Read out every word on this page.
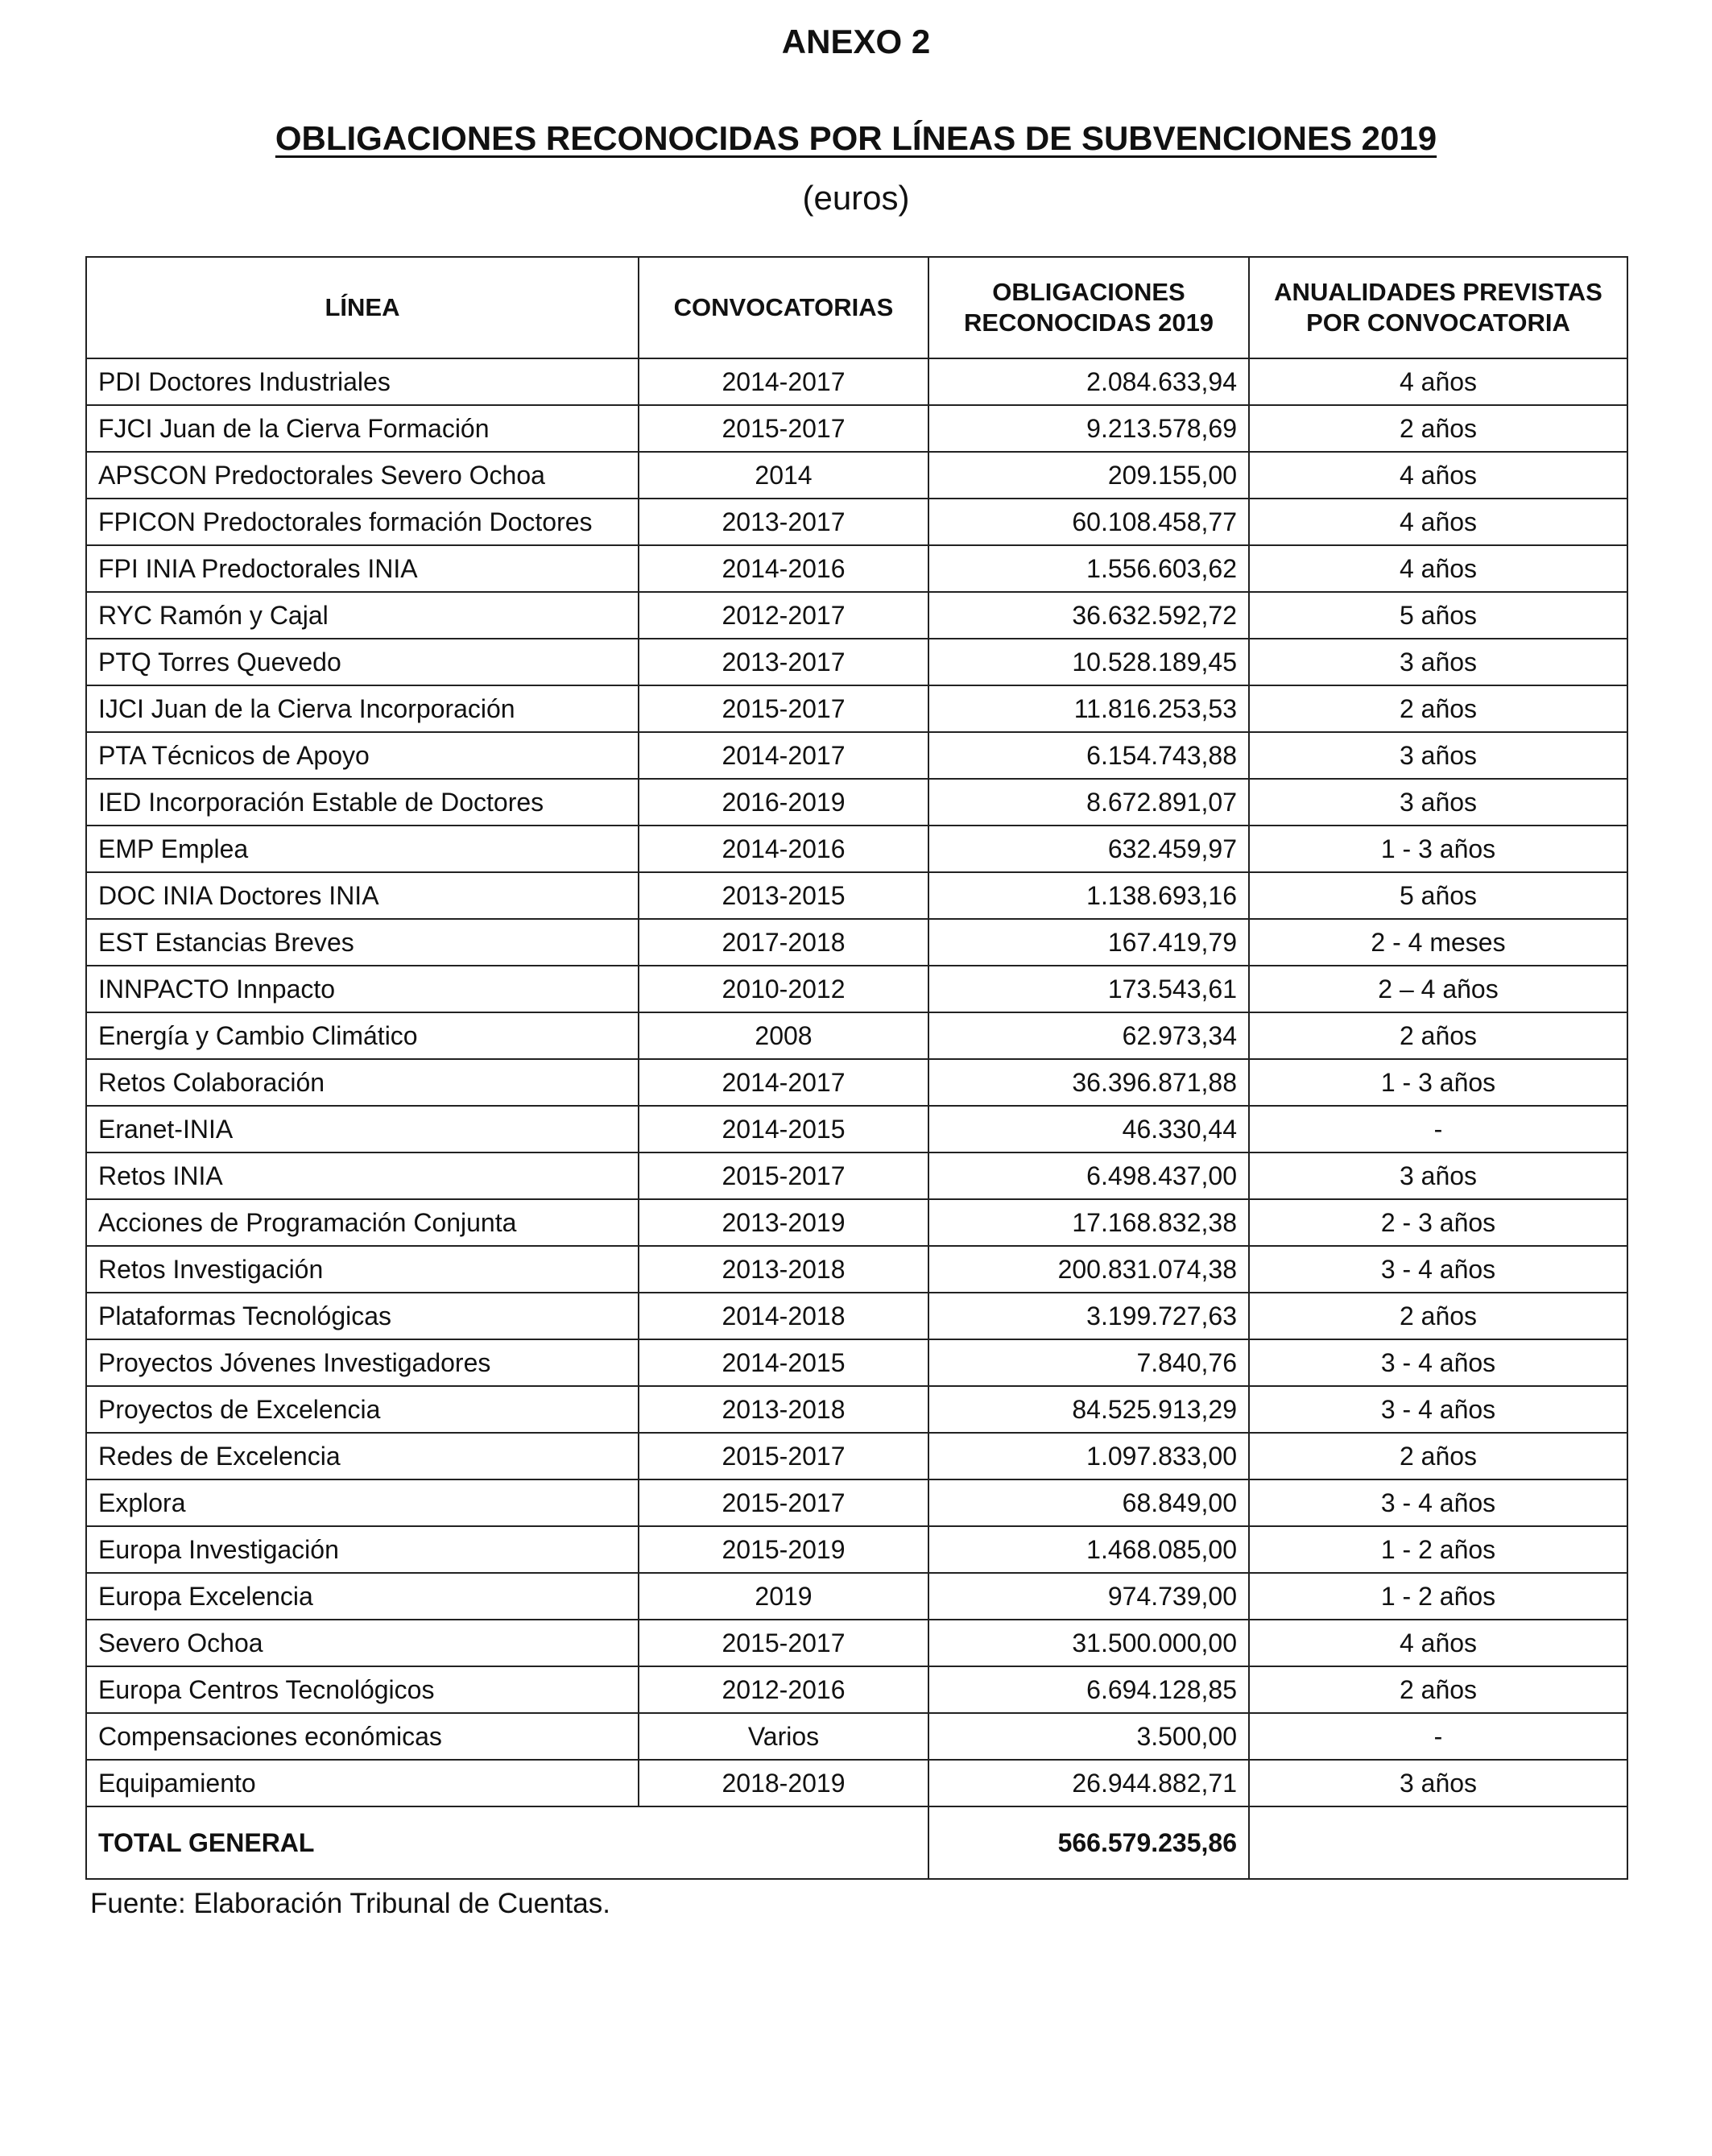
ANEXO 2
OBLIGACIONES RECONOCIDAS POR LÍNEAS DE SUBVENCIONES 2019
(euros)
LÍNEA	CONVOCATORIAS	OBLIGACIONES RECONOCIDAS 2019	ANUALIDADES PREVISTAS POR CONVOCATORIA
PDI Doctores Industriales	2014-2017	2.084.633,94	4 años
FJCI Juan de la Cierva Formación	2015-2017	9.213.578,69	2 años
APSCON Predoctorales Severo Ochoa	2014	209.155,00	4 años
FPICON Predoctorales formación Doctores	2013-2017	60.108.458,77	4 años
FPI INIA Predoctorales INIA	2014-2016	1.556.603,62	4 años
RYC Ramón y Cajal	2012-2017	36.632.592,72	5 años
PTQ Torres Quevedo	2013-2017	10.528.189,45	3 años
IJCI Juan de la Cierva Incorporación	2015-2017	11.816.253,53	2 años
PTA Técnicos de Apoyo	2014-2017	6.154.743,88	3 años
IED Incorporación Estable de Doctores	2016-2019	8.672.891,07	3 años
EMP Emplea	2014-2016	632.459,97	1 - 3 años
DOC INIA Doctores INIA	2013-2015	1.138.693,16	5 años
EST Estancias Breves	2017-2018	167.419,79	2 - 4 meses
INNPACTO Innpacto	2010-2012	173.543,61	2 – 4 años
Energía y Cambio Climático	2008	62.973,34	2 años
Retos Colaboración	2014-2017	36.396.871,88	1 - 3 años
Eranet-INIA	2014-2015	46.330,44	-
Retos INIA	2015-2017	6.498.437,00	3 años
Acciones de Programación Conjunta	2013-2019	17.168.832,38	2 - 3 años
Retos Investigación	2013-2018	200.831.074,38	3 - 4 años
Plataformas Tecnológicas	2014-2018	3.199.727,63	2 años
Proyectos Jóvenes Investigadores	2014-2015	7.840,76	3 - 4 años
Proyectos de Excelencia	2013-2018	84.525.913,29	3 - 4 años
Redes de Excelencia	2015-2017	1.097.833,00	2 años
Explora	2015-2017	68.849,00	3 - 4 años
Europa Investigación	2015-2019	1.468.085,00	1 - 2 años
Europa Excelencia	2019	974.739,00	1 - 2 años
Severo Ochoa	2015-2017	31.500.000,00	4 años
Europa Centros Tecnológicos	2012-2016	6.694.128,85	2 años
Compensaciones económicas	Varios	3.500,00	-
Equipamiento	2018-2019	26.944.882,71	3 años
TOTAL GENERAL		566.579.235,86	
Fuente: Elaboración Tribunal de Cuentas.
